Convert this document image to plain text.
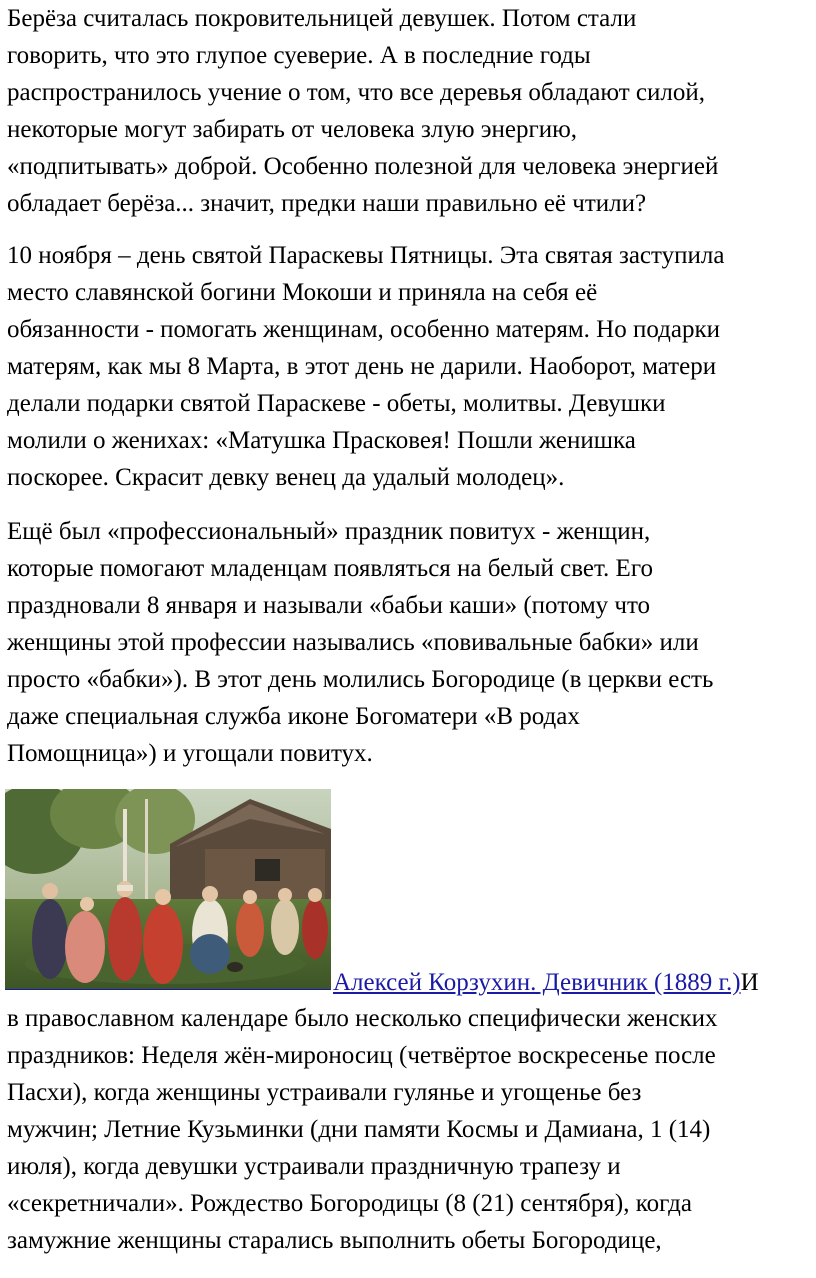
Берёза считалась покровительницей девушек. Потом стали
говорить, что это глупое суеверие. А в последние годы
распространилось учение о том, что все деревья обладают силой,
некоторые могут забирать от человека злую энергию,
«подпитывать» доброй. Особенно полезной для человека энергией
обладает берёза... значит, предки наши правильно её чтили?

10 ноября – день святой Параскевы Пятницы. Эта святая заступила
место славянской богини Мокоши и приняла на себя её
обязанности - помогать женщинам, особенно матерям. Но подарки
матерям, как мы 8 Марта, в этот день не дарили. Наоборот, матери
делали подарки святой Параскеве - обеты, молитвы. Девушки
молили о женихах: «Матушка Прасковея! Пошли женишка
поскорее. Скрасит девку венец да удалый молодец».

Ещё был «профессиональный» праздник повитух - женщин,
которые помогают младенцам появляться на белый свет. Его
праздновали 8 января и называли «бабьи каши» (потому что
женщины этой профессии назывались «повивальные бабки» или
просто «бабки»). В этот день молились Богородице (в церкви есть
даже специальная служба иконе Богоматери «В родах
Помощница») и угощали повитух.

Алексей Корзухин. Девичник (1889 г.)И

в православном календаре было несколько специфически женских
праздников: Неделя жён-мироносиц (четвёртое воскресенье после
Пасхи), когда женщины устраивали гулянье и угощенье без
мужчин; Летние Кузьминки (дни памяти Космы и Дамиана, 1 (14)
июля), когда девушки устраивали праздничную трапезу и
«секретничали». Рождество Богородицы (8 (21) сентября), когда
замужние женщины старались выполнить обеты Богородице,
